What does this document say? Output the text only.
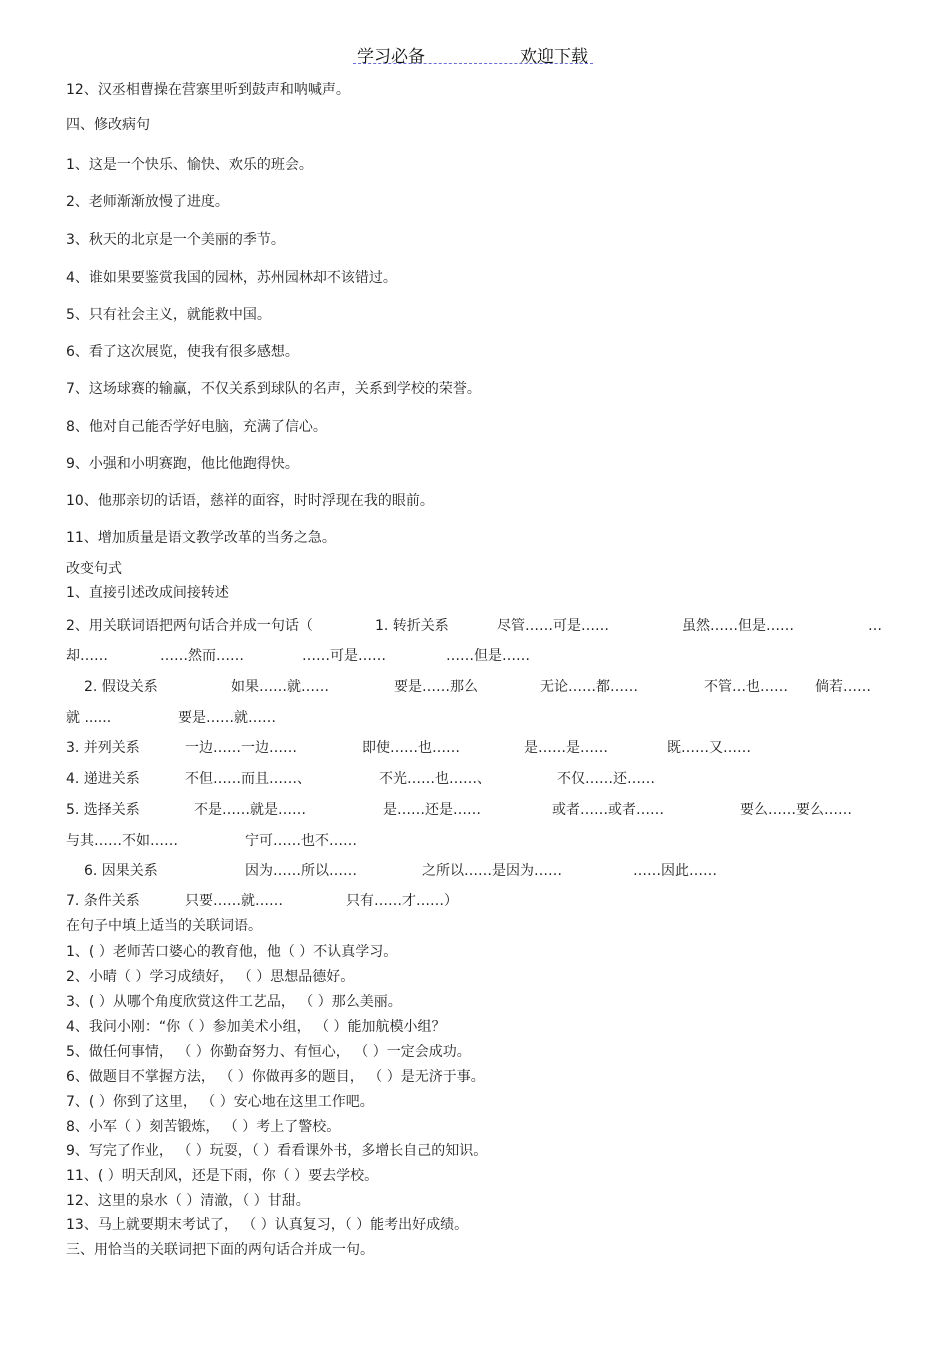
学习必备	欢迎下载
12、汉丞相曹操在营寨里听到鼓声和呐喊声。
四、修改病句
1、这是一个快乐、愉快、欢乐的班会。
2、老师渐渐放慢了进度。
3、秋天的北京是一个美丽的季节。
4、谁如果要鉴赏我国的园林，苏州园林却不该错过。
5、只有社会主义，就能救中国。
6、看了这次展览，使我有很多感想。
7、这场球赛的输赢，不仅关系到球队的名声，关系到学校的荣誉。
8、他对自己能否学好电脑，充满了信心。
9、小强和小明赛跑，他比他跑得快。
10、他那亲切的话语，慈祥的面容，时时浮现在我的眼前。
11、增加质量是语文教学改革的当务之急。
改变句式
1、直接引述改成间接转述
2、用关联词语把两句话合并成一句话（	1. 转折关系	尽管……可是……	虽然……但是……	…
却……	……然而……	……可是……	……但是……
2. 假设关系	如果……就……	要是……那么	无论……都……	不管…也…… 倘若……
就 ......	要是……就……
3. 并列关系	一边……一边……	即使……也……	是……是……	既……又……
4. 递进关系	不但……而且……、	不光……也……、	不仅……还……
5. 选择关系	不是……就是……	是……还是……	或者……或者……	要么……要么……
与其……不如……	宁可……也不……
6. 因果关系	因为……所以……	之所以……是因为……	……因此……
7. 条件关系	只要……就……	只有……才……）
在句子中填上适当的关联词语。
1、( ）老师苦口婆心的教育他，他（ ）不认真学习。
2、小晴（ ）学习成绩好， （ ）思想品德好。
3、( ）从哪个角度欣赏这件工艺品， （ ）那么美丽。
4、我问小刚：“你（ ）参加美术小组， （ ）能加航模小组？
5、做任何事情， （ ）你勤奋努力、有恒心， （ ）一定会成功。
6、做题目不掌握方法， （ ）你做再多的题目， （ ）是无济于事。
7、( ）你到了这里， （ ）安心地在这里工作吧。
8、小军（ ）刻苦锻炼， （ ）考上了警校。
9、写完了作业， （ ）玩耍，（ ）看看课外书，多增长自己的知识。
11、( ）明天刮风，还是下雨，你（ ）要去学校。
12、这里的泉水（ ）清澈，（ ）甘甜。
13、马上就要期末考试了， （ ）认真复习，（ ）能考出好成绩。
三、用恰当的关联词把下面的两句话合并成一句。
